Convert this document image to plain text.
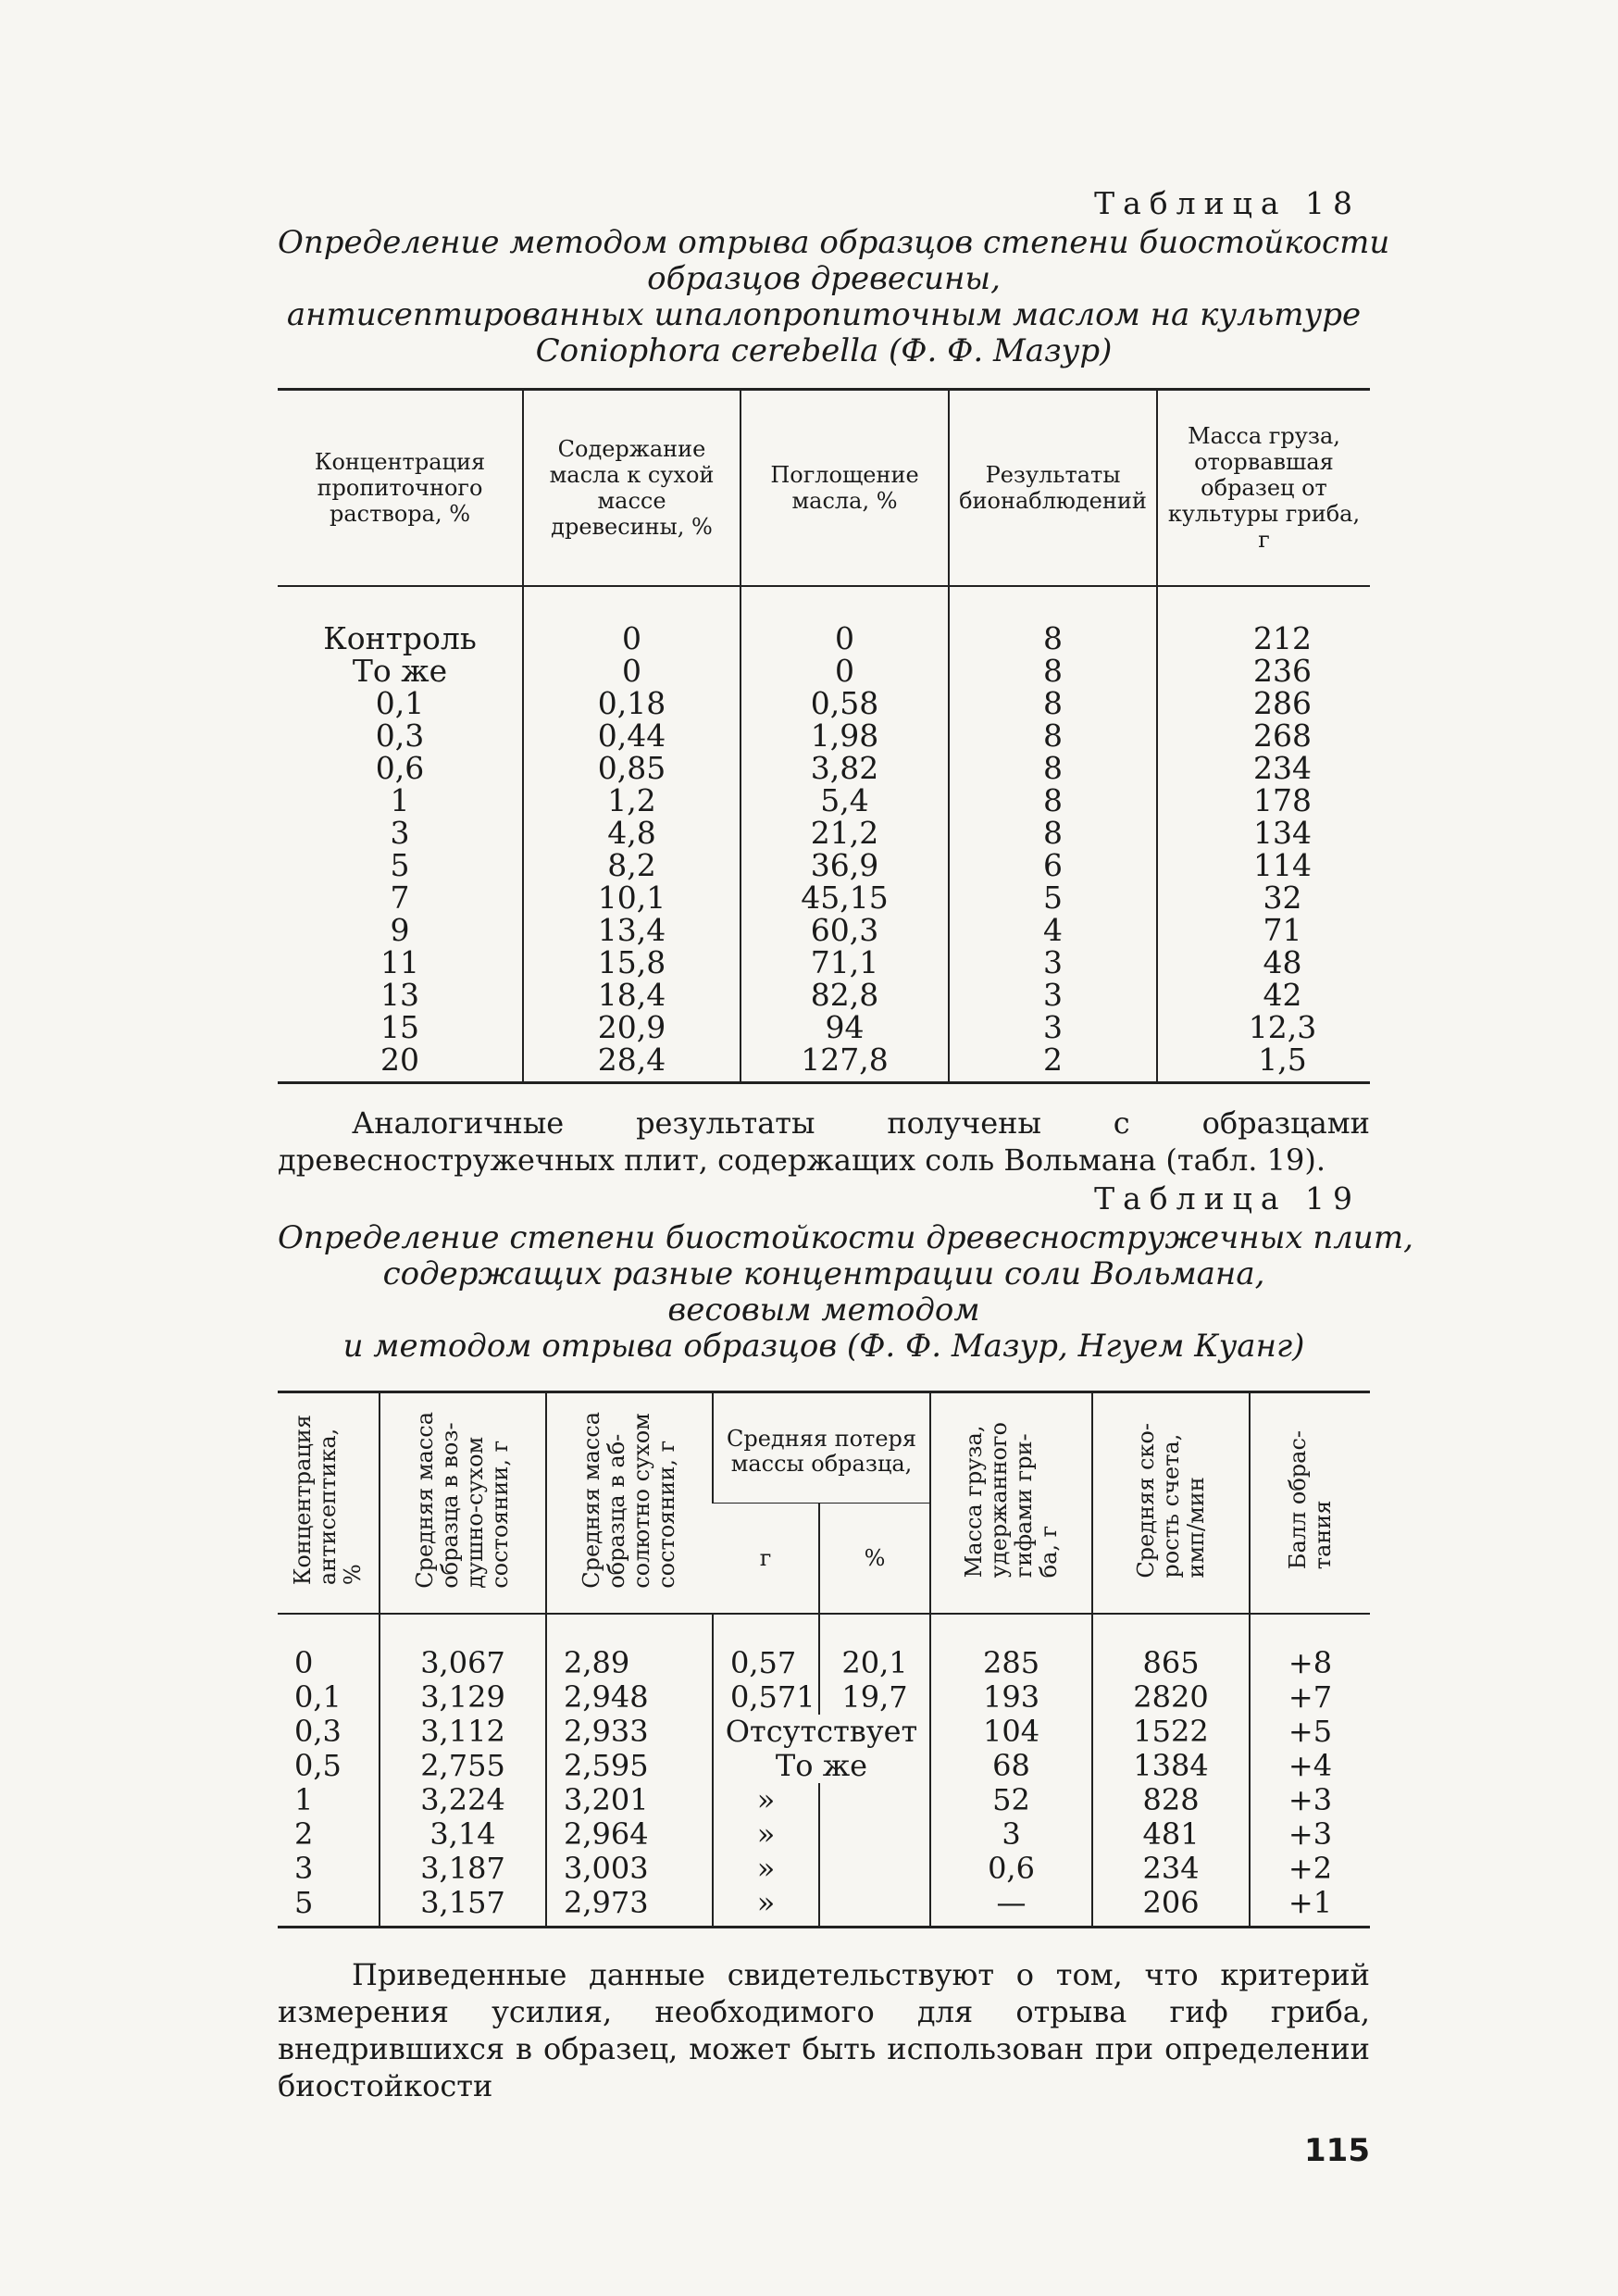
Таблица 18
Определение методом отрыва образцов степени биостойкости
образцов древесины,
антисептированных шпалопропиточным маслом на культуре
Coniophora cerebella (Ф. Ф. Мазур)
Концентрация пропиточного раствора, %	Содержание масла к сухой массе древесины, %	Поглощение масла, %	Результаты бионаблюдений	Масса груза, оторвавшая образец от культуры гриба, г
Контроль	0	0	8	212
То же	0	0	8	236
0,1	0,18	0,58	8	286
0,3	0,44	1,98	8	268
0,6	0,85	3,82	8	234
1	1,2	5,4	8	178
3	4,8	21,2	8	134
5	8,2	36,9	6	114
7	10,1	45,15	5	32
9	13,4	60,3	4	71
11	15,8	71,1	3	48
13	18,4	82,8	3	42
15	20,9	94	3	12,3
20	28,4	127,8	2	1,5

Аналогичные результаты получены с образцами древесностружечных плит, содержащих соль Вольмана (табл. 19).

Таблица 19
Определение степени биостойкости древесностружечных плит,
содержащих разные концентрации соли Вольмана,
весовым методом
и методом отрыва образцов (Ф. Ф. Мазур, Нгуем Куанг)
Концентрация
антисептика,
%	Средняя масса
образца в воз-
душно-сухом
состоянии, г	Средняя масса
образца в аб-
солютно сухом
состоянии, г	Средняя потеря массы образца,		Масса груза,
удержанного
гифами гри-
ба, г	Средняя ско-
рость счета,
имп/мин	Балл обрас-
тания
			г	%			
0	3,067	2,89	0,57	20,1	285	865	+8
0,1	3,129	2,948	0,571	19,7	193	2820	+7
0,3	3,112	2,933	Отсутствует		104	1522	+5
0,5	2,755	2,595	То же		68	1384	+4
1	3,224	3,201	»		52	828	+3
2	3,14	2,964	»		3	481	+3
3	3,187	3,003	»		0,6	234	+2
5	3,157	2,973	»		—	206	+1

Приведенные данные свидетельствуют о том, что критерий измерения усилия, необходимого для отрыва гиф гриба, внедрившихся в образец, может быть использован при определении биостойкости

115
